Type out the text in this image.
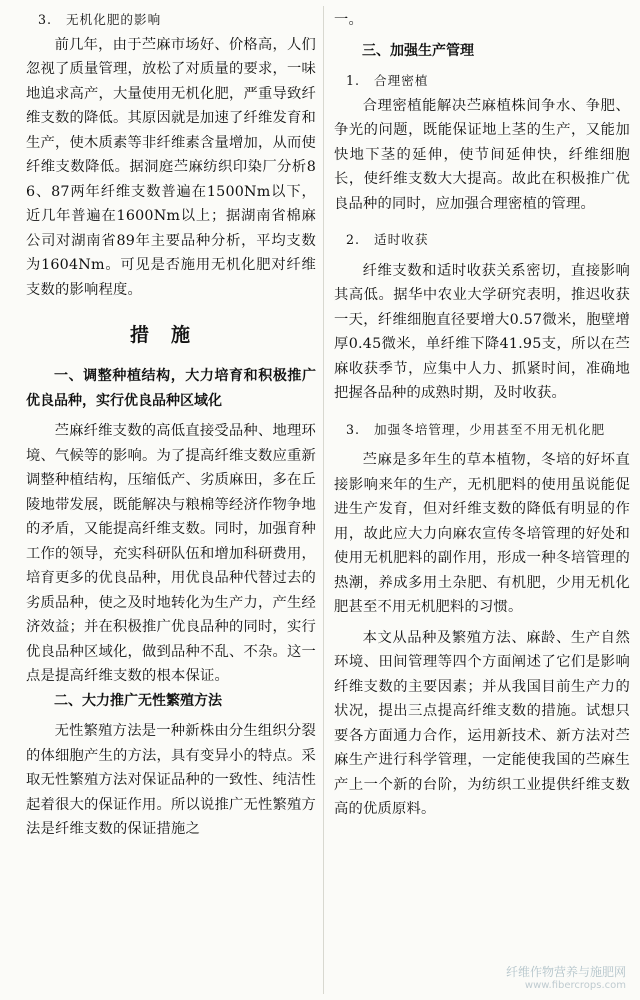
3. 无机化肥的影响

前几年，由于苎麻市场好、价格高，人们忽视了质量管理，放松了对质量的要求，一味地追求高产，大量使用无机化肥，严重导致纤维支数的降低。其原因就是加速了纤维发育和生产，使木质素等非纤维素含量增加，从而使纤维支数降低。据洞庭苎麻纺织印染厂分析86、87两年纤维支数普遍在1500Nm以下，近几年普遍在1600Nm以上；据湖南省棉麻公司对湖南省89年主要品种分析，平均支数为1604Nm。可见是否施用无机化肥对纤维支数的影响程度。

措施
一、调整种植结构，大力培育和积极推广优良品种，实行优良品种区域化

苎麻纤维支数的高低直接受品种、地理环境、气候等的影响。为了提高纤维支数应重新调整种植结构，压缩低产、劣质麻田，多在丘陵地带发展，既能解决与粮棉等经济作物争地的矛盾，又能提高纤维支数。同时，加强育种工作的领导，充实科研队伍和增加科研费用，培育更多的优良品种，用优良品种代替过去的劣质品种，使之及时地转化为生产力，产生经济效益；并在积极推广优良品种的同时，实行优良品种区域化，做到品种不乱、不杂。这一点是提高纤维支数的根本保证。

二、大力推广无性繁殖方法

无性繁殖方法是一种新株由分生组织分裂的体细胞产生的方法，具有变异小的特点。采取无性繁殖方法对保证品种的一致性、纯洁性起着很大的保证作用。所以说推广无性繁殖方法是纤维支数的保证措施之

一。

三、加强生产管理
1. 合理密植

合理密植能解决苎麻植株间争水、争肥、争光的问题，既能保证地上茎的生产，又能加快地下茎的延伸，使节间延伸快，纤维细胞长，使纤维支数大大提高。故此在积极推广优良品种的同时，应加强合理密植的管理。

2. 适时收获

纤维支数和适时收获关系密切，直接影响其高低。据华中农业大学研究表明，推迟收获一天，纤维细胞直径要增大0.57微米，胞壁增厚0.45微米，单纤维下降41.95支，所以在苎麻收获季节，应集中人力、抓紧时间，准确地把握各品种的成熟时期，及时收获。

3. 加强冬培管理，少用甚至不用无机化肥

苎麻是多年生的草本植物，冬培的好坏直接影响来年的生产，无机肥料的使用虽说能促进生产发育，但对纤维支数的降低有明显的作用，故此应大力向麻农宣传冬培管理的好处和使用无机肥料的副作用，形成一种冬培管理的热潮，养成多用土杂肥、有机肥，少用无机化肥甚至不用无机肥料的习惯。

本文从品种及繁殖方法、麻龄、生产自然环境、田间管理等四个方面阐述了它们是影响纤维支数的主要因素；并从我国目前生产力的状况，提出三点提高纤维支数的措施。试想只要各方面通力合作，运用新技术、新方法对苎麻生产进行科学管理，一定能使我国的苎麻生产上一个新的台阶，为纺织工业提供纤维支数高的优质原料。

纤维作物营养与施肥网
www.fibercrops.com
